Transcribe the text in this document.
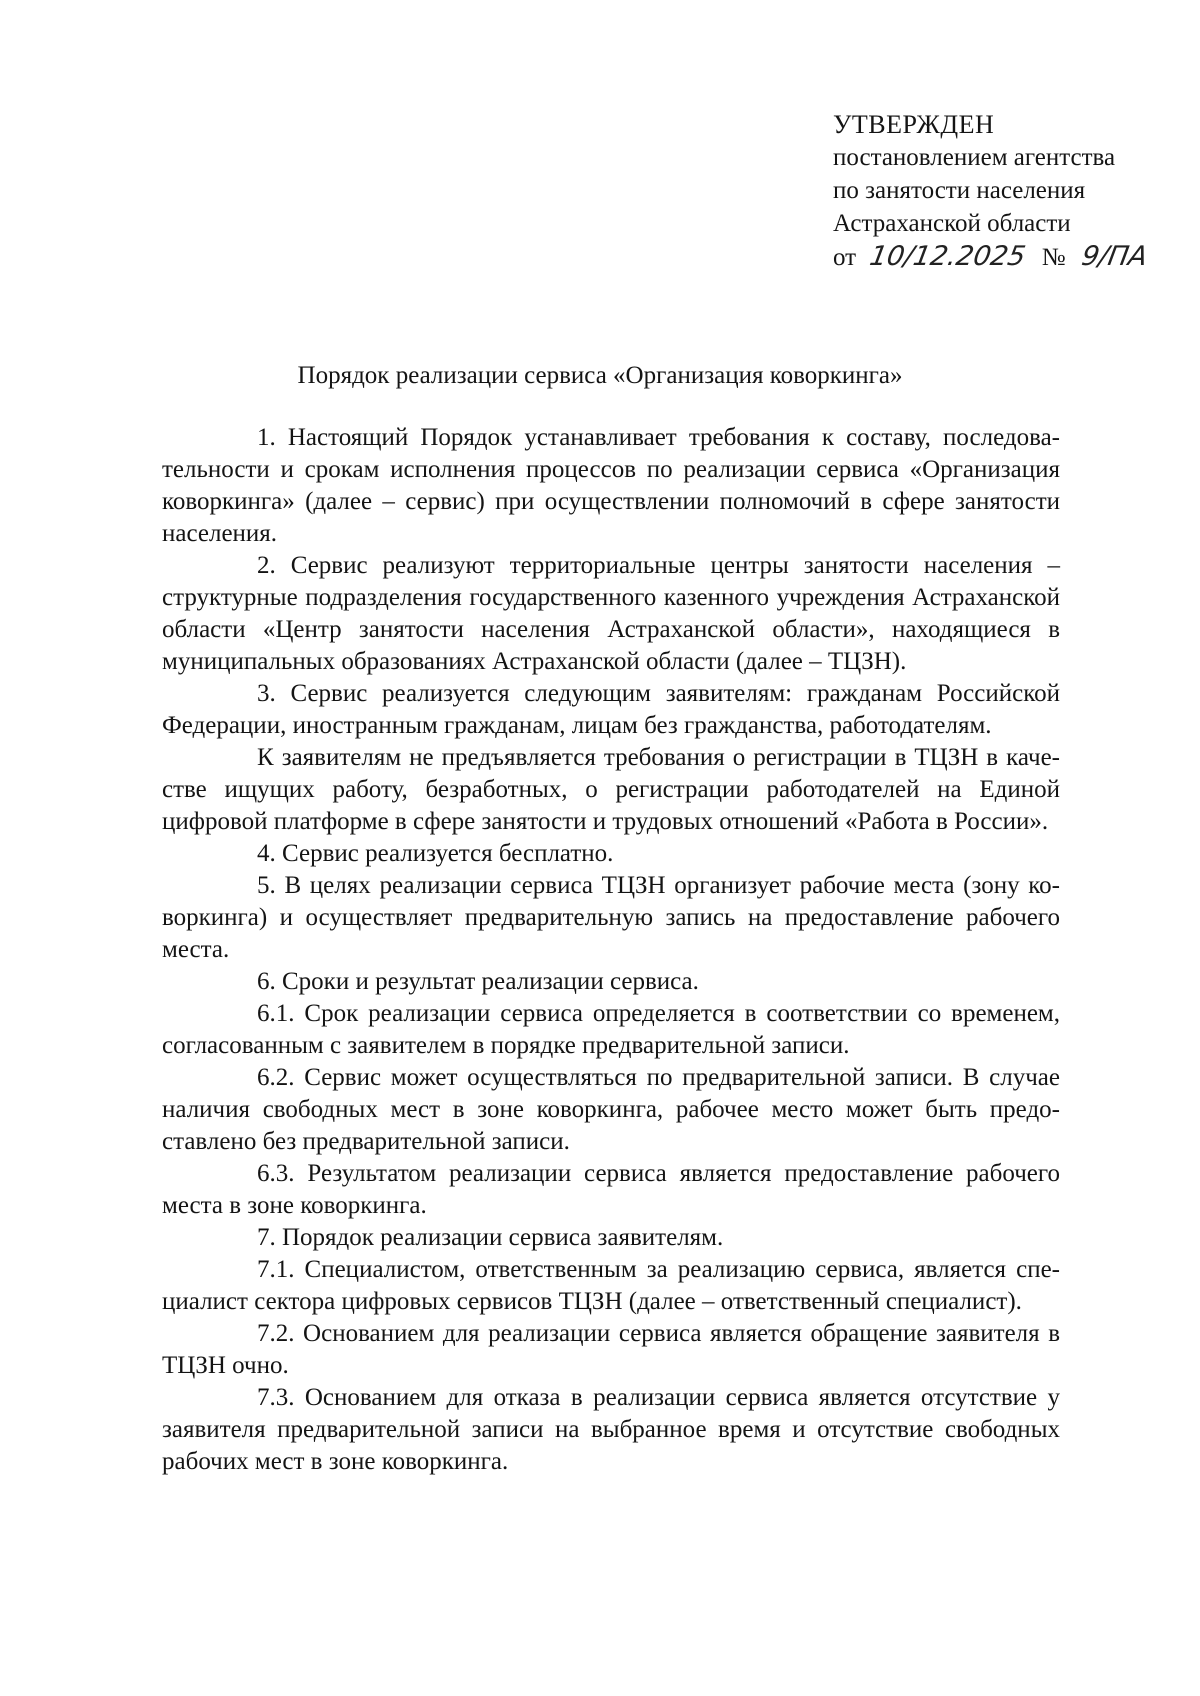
УТВЕРЖДЕН
постановлением агентства
по занятости населения
Астраханской области
от 10/12.2025 № 9/ПА
Порядок реализации сервиса «Организация коворкинга»

1. Настоящий Порядок устанавливает требования к составу, последовательности и срокам исполнения процессов по реализации сервиса «Организация коворкинга» (далее – сервис) при осуществлении полномочий в сфере занятости населения.

2. Сервис реализуют территориальные центры занятости населения – структурные подразделения государственного казенного учреждения Астраханской области «Центр занятости населения Астраханской области», находящиеся в муниципальных образованиях Астраханской области (далее – ТЦЗН).

3. Сервис реализуется следующим заявителям: гражданам Российской Федерации, иностранным гражданам, лицам без гражданства, работодателям.

К заявителям не предъявляется требования о регистрации в ТЦЗН в качестве ищущих работу, безработных, о регистрации работодателей на Единой цифровой платформе в сфере занятости и трудовых отношений «Работа в России».

4. Сервис реализуется бесплатно.

5. В целях реализации сервиса ТЦЗН организует рабочие места (зону коворкинга) и осуществляет предварительную запись на предоставление рабочего места.

6. Сроки и результат реализации сервиса.

6.1. Срок реализации сервиса определяется в соответствии со временем, согласованным с заявителем в порядке предварительной записи.

6.2. Сервис может осуществляться по предварительной записи. В случае наличия свободных мест в зоне коворкинга, рабочее место может быть предоставлено без предварительной записи.

6.3. Результатом реализации сервиса является предоставление рабочего места в зоне коворкинга.

7. Порядок реализации сервиса заявителям.

7.1. Специалистом, ответственным за реализацию сервиса, является специалист сектора цифровых сервисов ТЦЗН (далее – ответственный специалист).

7.2. Основанием для реализации сервиса является обращение заявителя в ТЦЗН очно.

7.3. Основанием для отказа в реализации сервиса является отсутствие у заявителя предварительной записи на выбранное время и отсутствие свободных рабочих мест в зоне коворкинга.
